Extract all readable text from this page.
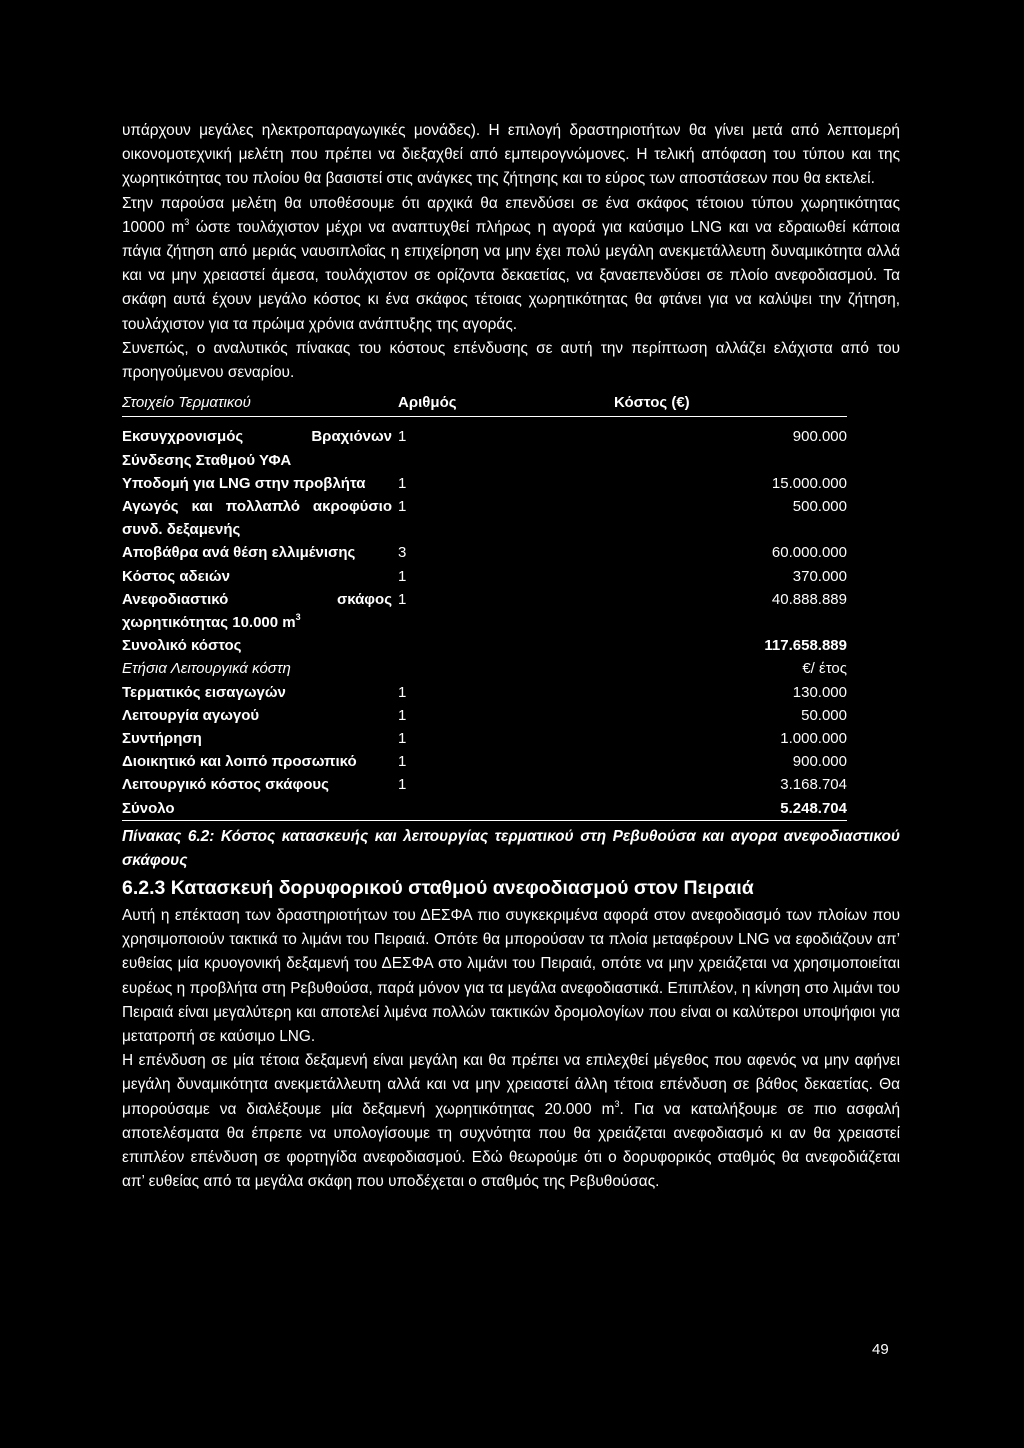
υπάρχουν μεγάλες ηλεκτροπαραγωγικές μονάδες). Η επιλογή δραστηριοτήτων θα γίνει μετά από λεπτομερή οικονομοτεχνική μελέτη που πρέπει να διεξαχθεί από εμπειρογνώμονες. Η τελική απόφαση του τύπου και της χωρητικότητας του πλοίου θα βασιστεί στις ανάγκες της ζήτησης και το εύρος των αποστάσεων που θα εκτελεί.

Στην παρούσα μελέτη θα υποθέσουμε ότι αρχικά θα επενδύσει σε ένα σκάφος τέτοιου τύπου χωρητικότητας 10000 $m^3$ ώστε τουλάχιστον μέχρι να αναπτυχθεί πλήρως η αγορά για καύσιμο LNG και να εδραιωθεί κάποια πάγια ζήτηση από μεριάς ναυσιπλοΐας η επιχείρηση να μην έχει πολύ μεγάλη ανεκμετάλλευτη δυναμικότητα αλλά και να μην χρειαστεί άμεσα, τουλάχιστον σε ορίζοντα δεκαετίας, να ξαναεπενδύσει σε πλοίο ανεφοδιασμού. Τα σκάφη αυτά έχουν μεγάλο κόστος κι ένα σκάφος τέτοιας χωρητικότητας θα φτάνει για να καλύψει την ζήτηση, τουλάχιστον για τα πρώιμα χρόνια ανάπτυξης της αγοράς.

Συνεπώς, ο αναλυτικός πίνακας του κόστους επένδυσης σε αυτή την περίπτωση αλλάζει ελάχιστα από του προηγούμενου σεναρίου.

Στοιχείο Τερματικού	Αριθμός	Κόστος (€)

Εκσυγχρονισμός Βραχιόνων Σύνδεσης Σταθμού ΥΦΑ	1	900.000
Υποδομή για LNG στην προβλήτα	1	15.000.000
Αγωγός και πολλαπλό ακροφύσιο συνδ. δεξαμενής	1	500.000
Αποβάθρα ανά θέση ελλιμένισης	3	60.000.000
Κόστος αδειών	1	370.000
Ανεφοδιαστικό σκάφος χωρητικότητας 10.000 $m^3$	1	40.888.889
Συνολικό κόστος		117.658.889
Ετήσια Λειτουργικά κόστη		€/ έτος
Τερματικός εισαγωγών	1	130.000
Λειτουργία αγωγού	1	50.000
Συντήρηση	1	1.000.000
Διοικητικό και λοιπό προσωπικό	1	900.000
Λειτουργικό κόστος σκάφους	1	3.168.704
Σύνολο		5.248.704
Πίνακας 6.2: Κόστος κατασκευής και λειτουργίας τερματικού στη Ρεβυθούσα και αγορα ανεφοδιαστικού σκάφους
6.2.3 Κατασκευή δορυφορικού σταθμού ανεφοδιασμού στον Πειραιά

Αυτή η επέκταση των δραστηριοτήτων του ΔΕΣΦΑ πιο συγκεκριμένα αφορά στον ανεφοδιασμό των πλοίων που χρησιμοποιούν τακτικά το λιμάνι του Πειραιά. Οπότε θα μπορούσαν τα πλοία μεταφέρουν LNG να εφοδιάζουν απ’ ευθείας μία κρυογονική δεξαμενή του ΔΕΣΦΑ στο λιμάνι του Πειραιά, οπότε να μην χρειάζεται να χρησιμοποιείται ευρέως η προβλήτα στη Ρεβυθούσα, παρά μόνον για τα μεγάλα ανεφοδιαστικά. Επιπλέον, η κίνηση στο λιμάνι του Πειραιά είναι μεγαλύτερη και αποτελεί λιμένα πολλών τακτικών δρομολογίων που είναι οι καλύτεροι υποψήφιοι για μετατροπή σε καύσιμο LNG.

Η επένδυση σε μία τέτοια δεξαμενή είναι μεγάλη και θα πρέπει να επιλεχθεί μέγεθος που αφενός να μην αφήνει μεγάλη δυναμικότητα ανεκμετάλλευτη αλλά και να μην χρειαστεί άλλη τέτοια επένδυση σε βάθος δεκαετίας. Θα μπορούσαμε να διαλέξουμε μία δεξαμενή χωρητικότητας 20.000 $m^3$. Για να καταλήξουμε σε πιο ασφαλή αποτελέσματα θα έπρεπε να υπολογίσουμε τη συχνότητα που θα χρειάζεται ανεφοδιασμό κι αν θα χρειαστεί επιπλέον επένδυση σε φορτηγίδα ανεφοδιασμού. Εδώ θεωρούμε ότι ο δορυφορικός σταθμός θα ανεφοδιάζεται απ’ ευθείας από τα μεγάλα σκάφη που υποδέχεται ο σταθμός της Ρεβυθούσας.

49
